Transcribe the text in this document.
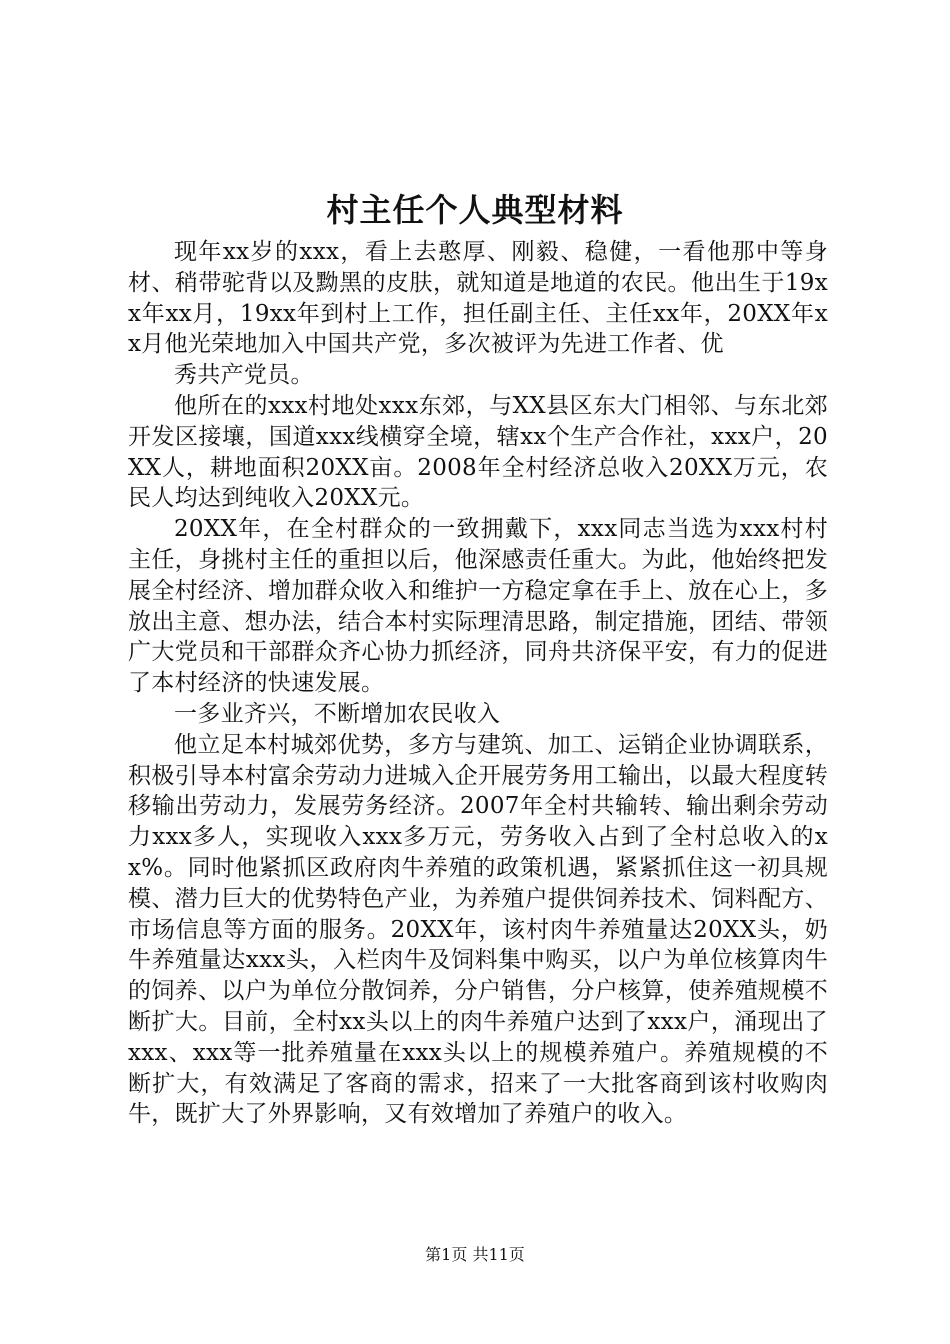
村主任个人典型材料

现年xx岁的xxx，看上去憨厚、刚毅、稳健，一看他那中等身材、稍带驼背以及黝黑的皮肤，就知道是地道的农民。他出生于19xx年xx月，19xx年到村上工作，担任副主任、主任xx年，20XX年xx月他光荣地加入中国共产党，多次被评为先进工作者、优

秀共产党员。

他所在的xxx村地处xxx东郊，与XX县区东大门相邻、与东北郊开发区接壤，国道xxx线横穿全境，辖xx个生产合作社，xxx户，20XX人，耕地面积20XX亩。2008年全村经济总收入20XX万元，农民人均达到纯收入20XX元。

20XX年，在全村群众的一致拥戴下，xxx同志当选为xxx村村主任，身挑村主任的重担以后，他深感责任重大。为此，他始终把发展全村经济、增加群众收入和维护一方稳定拿在手上、放在心上，多放出主意、想办法，结合本村实际理清思路，制定措施，团结、带领广大党员和干部群众齐心协力抓经济，同舟共济保平安，有力的促进了本村经济的快速发展。

一多业齐兴，不断增加农民收入

他立足本村城郊优势，多方与建筑、加工、运销企业协调联系，积极引导本村富余劳动力进城入企开展劳务用工输出，以最大程度转移输出劳动力，发展劳务经济。2007年全村共输转、输出剩余劳动力xxx多人，实现收入xxx多万元，劳务收入占到了全村总收入的xx%。同时他紧抓区政府肉牛养殖的政策机遇，紧紧抓住这一初具规模、潜力巨大的优势特色产业，为养殖户提供饲养技术、饲料配方、市场信息等方面的服务。20XX年，该村肉牛养殖量达20XX头，奶牛养殖量达xxx头，入栏肉牛及饲料集中购买，以户为单位核算肉牛的饲养、以户为单位分散饲养，分户销售，分户核算，使养殖规模不断扩大。目前，全村xx头以上的肉牛养殖户达到了xxx户，涌现出了xxx、xxx等一批养殖量在xxx头以上的规模养殖户。养殖规模的不断扩大，有效满足了客商的需求，招来了一大批客商到该村收购肉牛，既扩大了外界影响，又有效增加了养殖户的收入。

第1页 共11页
